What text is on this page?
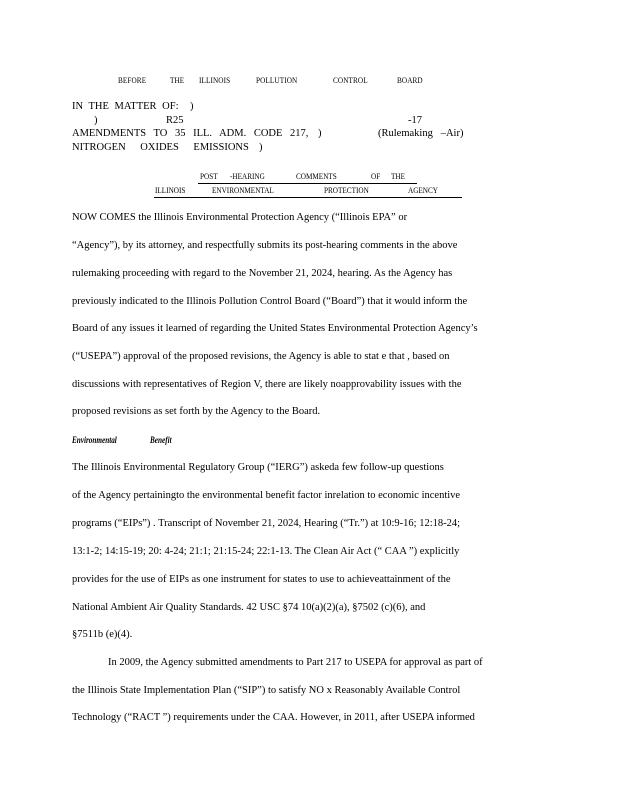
BEFORE	THE ILLINOIS	POLLUTION	CONTROL	BOARD
IN THE MATTER OF: )
)	R25	-17
AMENDMENTS TO 35 ILL. ADM. CODE 217, )	(Rulemaking   –Air)
NITROGEN OXIDES EMISSIONS )
POST -HEARING	COMMENTS	OF THE
ILLINOIS	ENVIRONMENTAL	PROTECTION	AGENCY
NOW COMES the Illinois Environmental Protection Agency (“Illinois EPA” or
“Agency”), by its attorney, and respectfully submits its post-hearing comments in the above
rulemaking proceeding with regard to the November 21, 2024, hearing. As the Agency has
previously indicated to the Illinois Pollution Control Board (“Board”) that it would inform the
Board of any issues it learned of regarding the United States Environmental Protection Agency’s
(“USEPA”) approval of the proposed revisions, the Agency is able to stat e that , based on
discussions with representatives of Region V, there are likely noapprovability issues with the
proposed revisions as set forth by the Agency to the Board.
Environmental	Benefit
The Illinois Environmental Regulatory Group (“IERG”) askeda few follow-up questions
of the Agency pertainingto the environmental benefit factor inrelation to economic incentive
programs (“EIPs”) . Transcript of November 21, 2024, Hearing (“Tr.”) at 10:9-16; 12:18-24;
13:1-2; 14:15-19; 20: 4-24; 21:1; 21:15-24; 22:1-13. The Clean Air Act (“ CAA ”) explicitly
provides for the use of EIPs as one instrument for states to use to achieveattainment of the
National Ambient Air Quality Standards. 42 USC §74 10(a)(2)(a), §7502 (c)(6), and
§7511b (e)(4).
In 2009, the Agency submitted amendments to Part 217 to USEPA for approval as part of
the Illinois State Implementation Plan (“SIP”) to satisfy NO x Reasonably Available Control
Technology (“RACT ”) requirements under the CAA. However, in 2011, after USEPA informed
